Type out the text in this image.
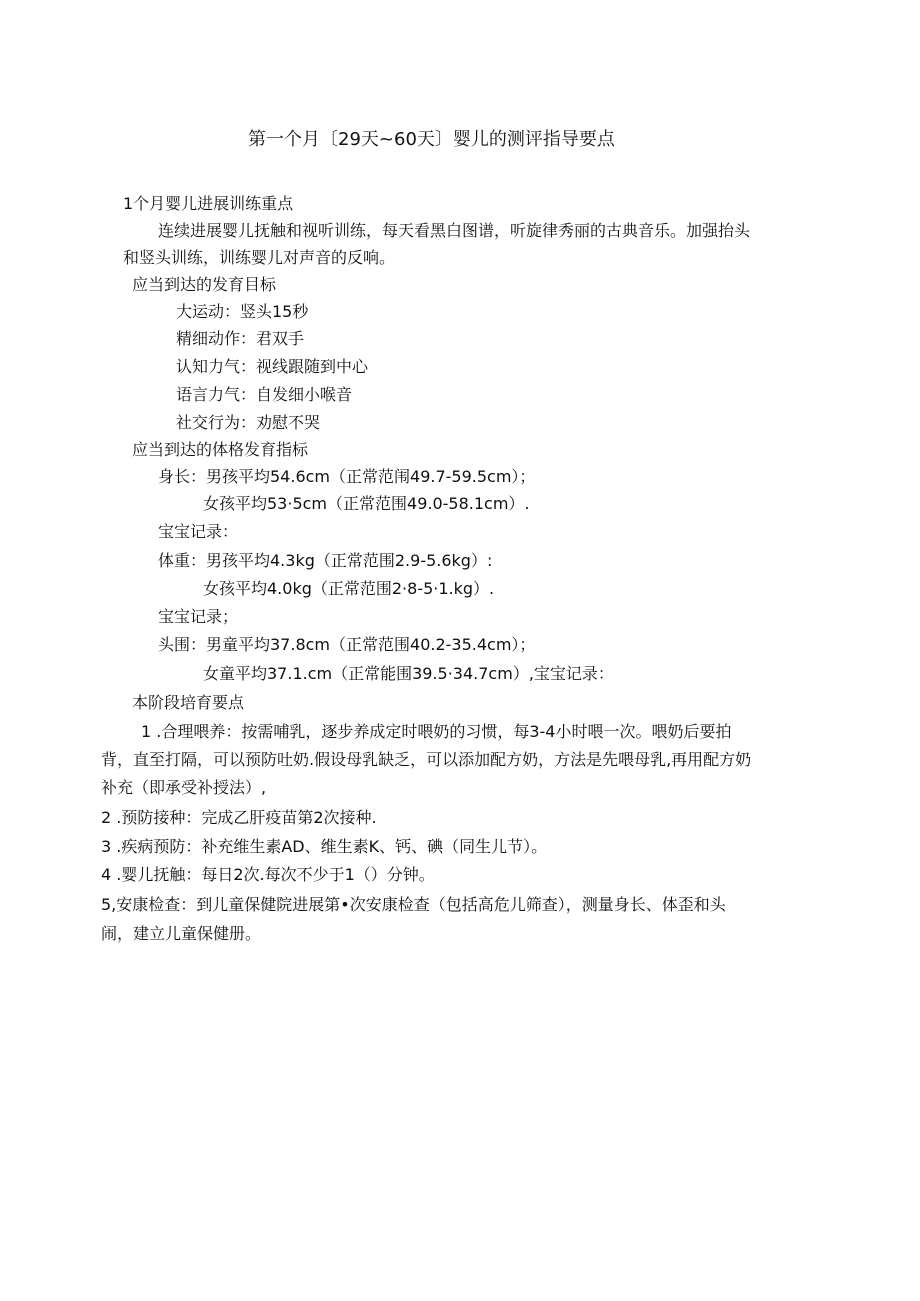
第一个月〔29天~60天〕婴儿的测评指导要点
1个月婴儿进展训练重点
连续进展婴儿抚触和视听训练，每天看黑白图谱，听旋律秀丽的古典音乐。加强抬头
和竖头训练，训练婴儿对声音的反响。
应当到达的发育目标
大运动：竖头15秒
精细动作：君双手
认知力气：视线跟随到中心
语言力气：自发细小喉音
社交行为：劝慰不哭
应当到达的体格发育指标
身长：男孩平均54.6cm（正常范闱49.7-59.5cm）；
女孩平均53·5cm（正常范围49.0-58.1cm）.
宝宝记录：
体重：男孩平均4.3kg（正常范围2.9-5.6kg）:
女孩平均4.0kg（正常范围2·8-5·1.kg）.
宝宝记录；
头围：男童平均37.8cm（正常范围40.2-35.4cm）；
女童平均37.1.cm（正常能围39.5·34.7cm）,宝宝记录：
本阶段培育要点
1 .合理喂养：按需哺乳，逐步养成定时喂奶的习惯，每3-4小时喂一次。喂奶后要拍
背，直至打隔，可以预防吐奶.假设母乳缺乏，可以添加配方奶，方法是先喂母乳,再用配方奶
补充（即承受补授法）,
2 .预防接种：完成乙肝疫苗第2次接种.
3 .疾病预防：补充维生素AD、维生素K、钙、碘（同生儿节）。
4 .婴儿抚触：每日2次.每次不少于1（）分钟。
5,安康检查：到儿童保健院进展第•次安康检查（包括高危儿筛查），测量身长、体歪和头
闹，建立儿童保健册。
